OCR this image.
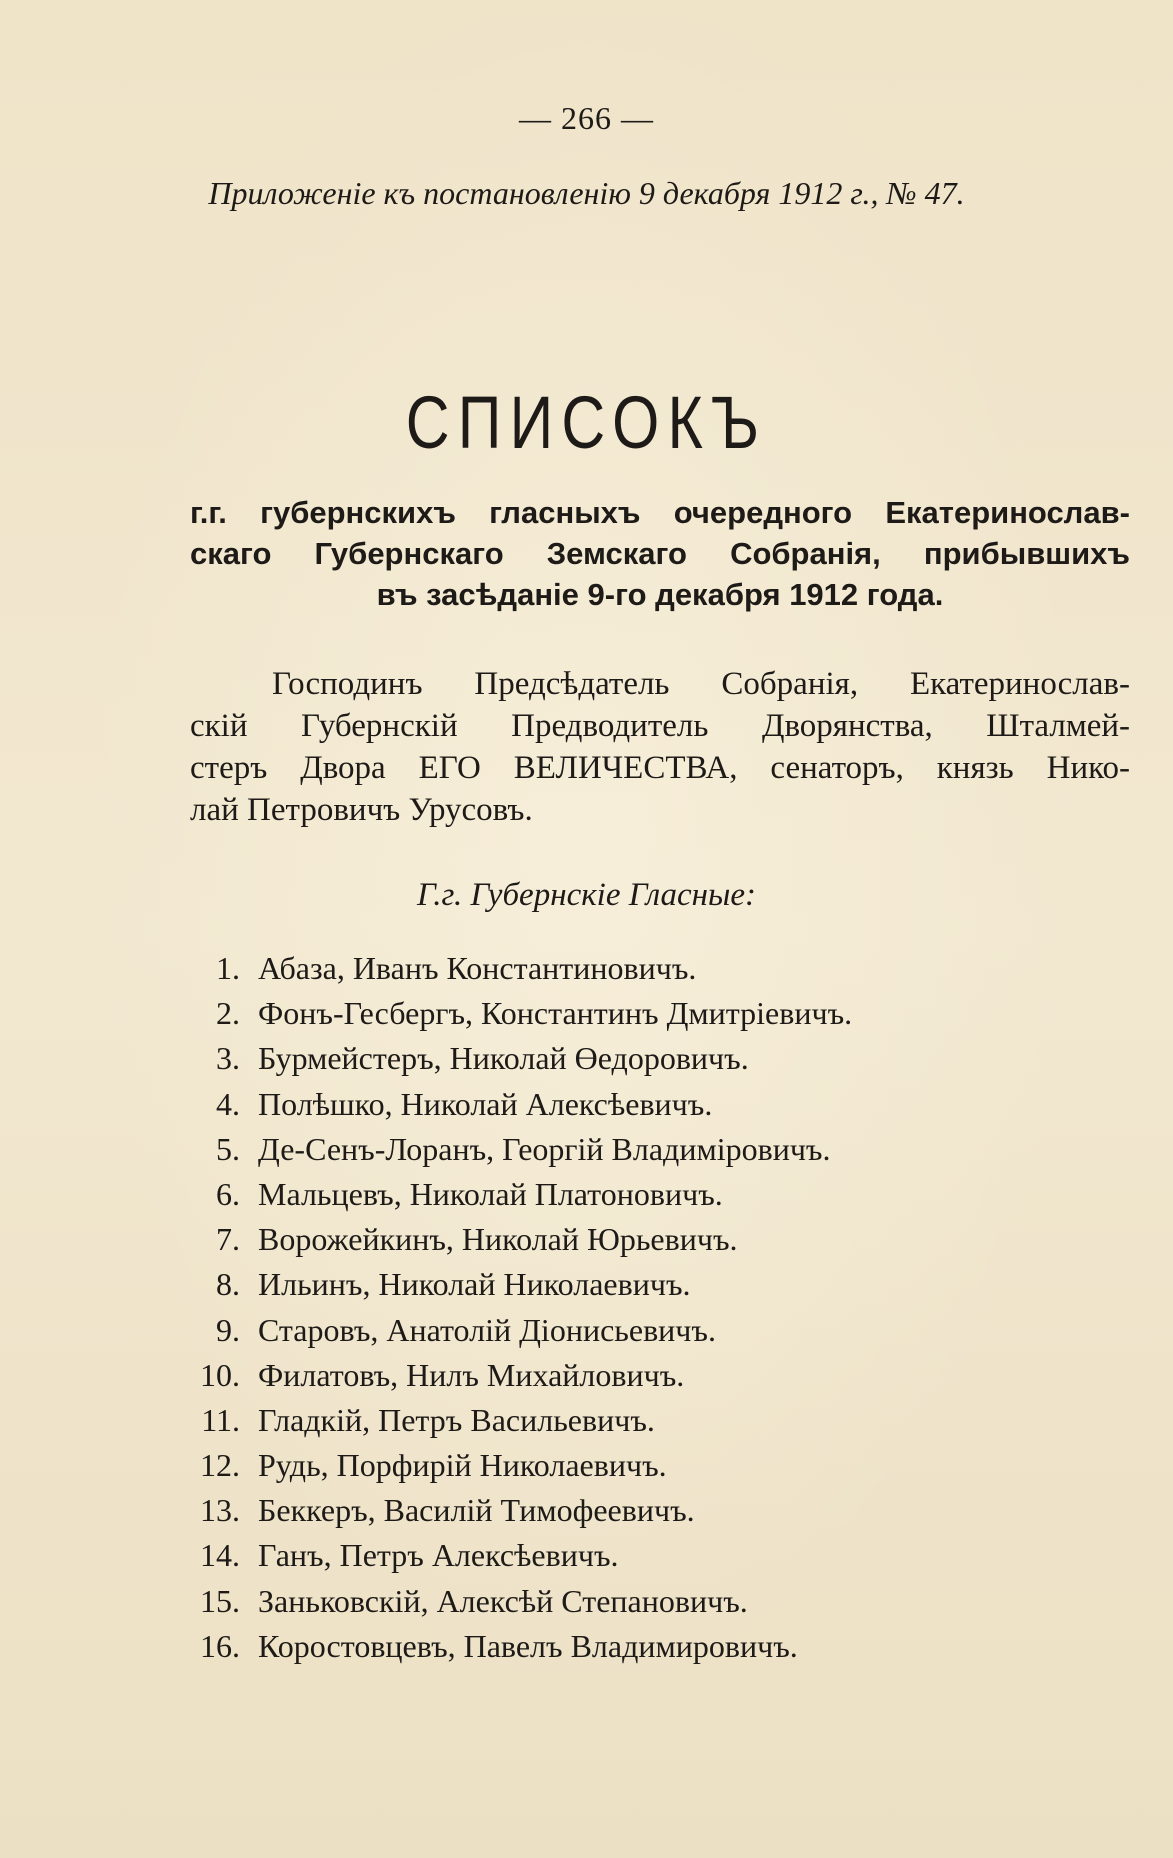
— 266 —
Приложеніе къ постановленію 9 декабря 1912 г., № 47.
СПИСОКЪ
г.г. губернскихъ гласныхъ очередного Екатеринослав-
скаго Губернскаго Земскаго Собранія, прибывшихъ
въ засѣданіе 9-го декабря 1912 года.
Господинъ Предсѣдатель Собранія, Екатеринослав-
скій Губернскій Предводитель Дворянства, Шталмей-
стеръ Двора ЕГО ВЕЛИЧЕСТВА, сенаторъ, князь Нико-
лай Петровичъ Урусовъ.
Г.г. Губернскіе Гласные:
1. Абаза, Иванъ Константиновичъ.
2. Фонъ-Гесбергъ, Константинъ Дмитріевичъ.
3. Бурмейстеръ, Николай Өедоровичъ.
4. Полѣшко, Николай Алексѣевичъ.
5. Де-Сенъ-Лоранъ, Георгій Владиміровичъ.
6. Мальцевъ, Николай Платоновичъ.
7. Ворожейкинъ, Николай Юрьевичъ.
8. Ильинъ, Николай Николаевичъ.
9. Старовъ, Анатолій Діонисьевичъ.
10. Филатовъ, Нилъ Михайловичъ.
11. Гладкій, Петръ Васильевичъ.
12. Рудь, Порфирій Николаевичъ.
13. Беккеръ, Василій Тимофеевичъ.
14. Ганъ, Петръ Алексѣевичъ.
15. Заньковскій, Алексѣй Степановичъ.
16. Коростовцевъ, Павелъ Владимировичъ.
